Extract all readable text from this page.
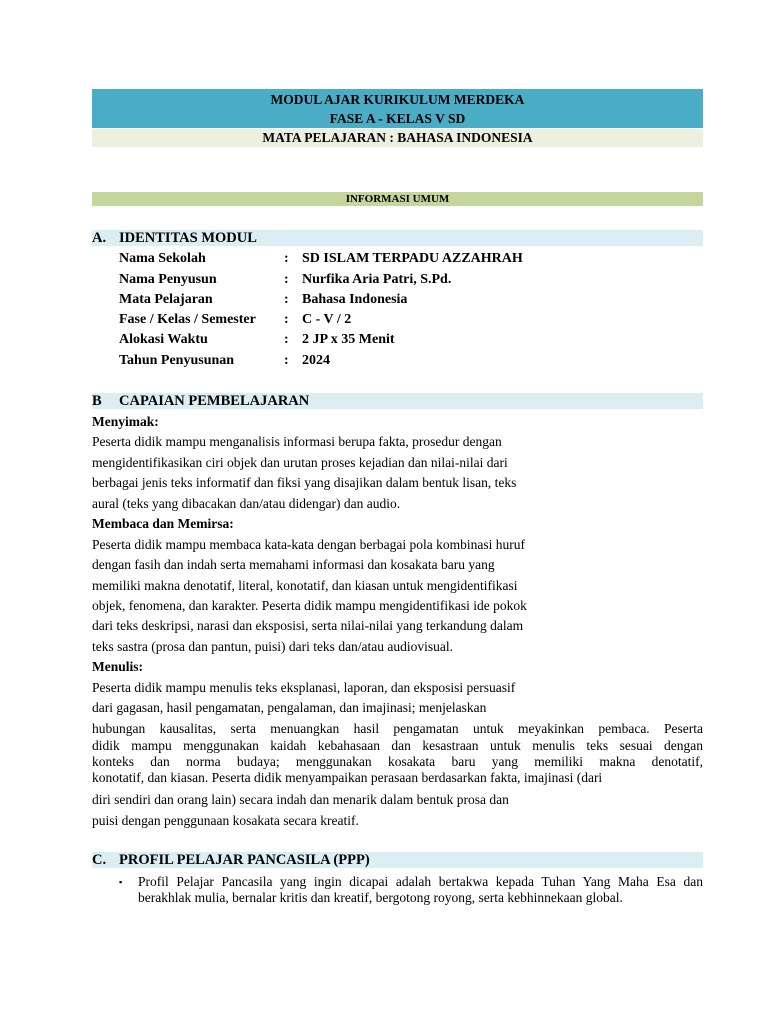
MODUL AJAR KURIKULUM MERDEKA
FASE A - KELAS V SD
MATA PELAJARAN : BAHASA INDONESIA
INFORMASI UMUM
A. IDENTITAS MODUL
Nama Sekolah	: SD ISLAM TERPADU AZZAHRAH
Nama Penyusun	: Nurfika Aria Patri, S.Pd.
Mata Pelajaran	: Bahasa Indonesia
Fase / Kelas / Semester : C - V / 2
Alokasi Waktu	: 2 JP x 35 Menit
Tahun Penyusunan	: 2024
B CAPAIAN PEMBELAJARAN
Menyimak:
Peserta didik mampu menganalisis informasi berupa fakta, prosedur dengan
mengidentifikasikan ciri objek dan urutan proses kejadian dan nilai-nilai dari
berbagai jenis teks informatif dan fiksi yang disajikan dalam bentuk lisan, teks
aural (teks yang dibacakan dan/atau didengar) dan audio.
Membaca dan Memirsa:
Peserta didik mampu membaca kata-kata dengan berbagai pola kombinasi huruf
dengan fasih dan indah serta memahami informasi dan kosakata baru yang
memiliki makna denotatif, literal, konotatif, dan kiasan untuk mengidentifikasi
objek, fenomena, dan karakter. Peserta didik mampu mengidentifikasi ide pokok
dari teks deskripsi, narasi dan eksposisi, serta nilai-nilai yang terkandung dalam
teks sastra (prosa dan pantun, puisi) dari teks dan/atau audiovisual.
Menulis:
Peserta didik mampu menulis teks eksplanasi, laporan, dan eksposisi persuasif
dari gagasan, hasil pengamatan, pengalaman, dan imajinasi; menjelaskan
hubungan kausalitas, serta menuangkan hasil pengamatan untuk meyakinkan pembaca. Peserta
didik mampu menggunakan kaidah kebahasaan dan kesastraan untuk menulis teks sesuai dengan
konteks dan norma budaya; menggunakan kosakata baru yang memiliki makna denotatif,
konotatif, dan kiasan. Peserta didik menyampaikan perasaan berdasarkan fakta, imajinasi (dari
diri sendiri dan orang lain) secara indah dan menarik dalam bentuk prosa dan
puisi dengan penggunaan kosakata secara kreatif.
C. PROFIL PELAJAR PANCASILA (PPP)
▪ Profil Pelajar Pancasila yang ingin dicapai adalah bertakwa kepada Tuhan Yang Maha Esa dan berakhlak mulia, bernalar kritis dan kreatif, bergotong royong, serta kebhinnekaan global.
